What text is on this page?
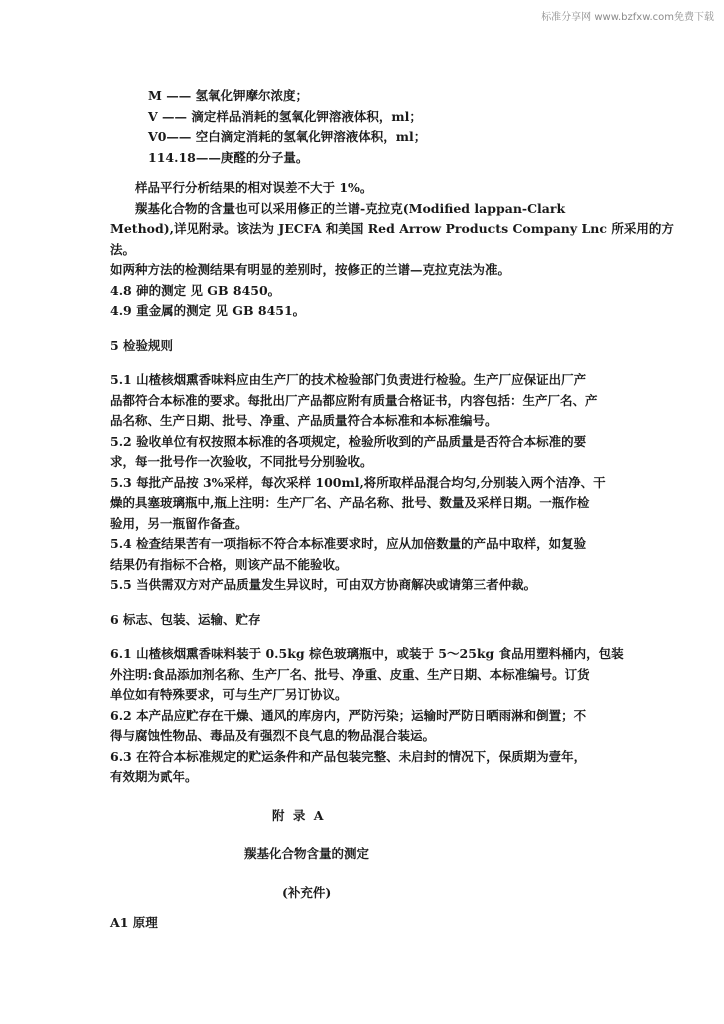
标准分享网 www.bzfxw.com免费下载
M —— 氢氧化钾摩尔浓度；
V —— 滴定样品消耗的氢氧化钾溶液体积，ml；
V0—— 空白滴定消耗的氢氧化钾溶液体积，ml；
114.18——庚醛的分子量。
样品平行分析结果的相对误差不大于 1%。
羰基化合物的含量也可以采用修正的兰谱-克拉克(Modified lappan-Clark
Method),详见附录。该法为 JECFA 和美国 Red Arrow Products Company Lnc 所采用的方
法。
如两种方法的检测结果有明显的差别时，按修正的兰谱—克拉克法为准。
4.8 砷的测定 见 GB 8450。
4.9 重金属的测定 见 GB 8451。
5 检验规则
5.1 山楂核烟熏香味料应由生产厂的技术检验部门负责进行检验。生产厂应保证出厂产
品都符合本标准的要求。每批出厂产品都应附有质量合格证书，内容包括：生产厂名、产
品名称、生产日期、批号、净重、产品质量符合本标准和本标准编号。
5.2 验收单位有权按照本标准的各项规定，检验所收到的产品质量是否符合本标准的要
求，每一批号作一次验收，不同批号分别验收。
5.3 每批产品按 3%采样，每次采样 100ml,将所取样品混合均匀,分别装入两个洁净、干
燥的具塞玻璃瓶中,瓶上注明：生产厂名、产品名称、批号、数量及采样日期。一瓶作检
验用，另一瓶留作备查。
5.4 检查结果苦有一项指标不符合本标准要求时，应从加倍数量的产品中取样，如复验
结果仍有指标不合格，则该产品不能验收。
5.5 当供需双方对产品质量发生异议时，可由双方协商解决或请第三者仲裁。
6 标志、包装、运输、贮存
6.1 山楂核烟熏香味料装于 0.5kg 棕色玻璃瓶中，或装于 5～25kg 食品用塑料桶内，包装
外注明:食品添加剂名称、生产厂名、批号、净重、皮重、生产日期、本标准编号。订货
单位如有特殊要求，可与生产厂另订协议。
6.2 本产品应贮存在干燥、通风的库房内，严防污染；运输时严防日晒雨淋和倒置；不
得与腐蚀性物品、毒品及有强烈不良气息的物品混合装运。
6.3 在符合本标准规定的贮运条件和产品包装完整、未启封的情况下，保质期为壹年，
有效期为贰年。
附 录 A
羰基化合物含量的测定
(补充件)
A1 原理
